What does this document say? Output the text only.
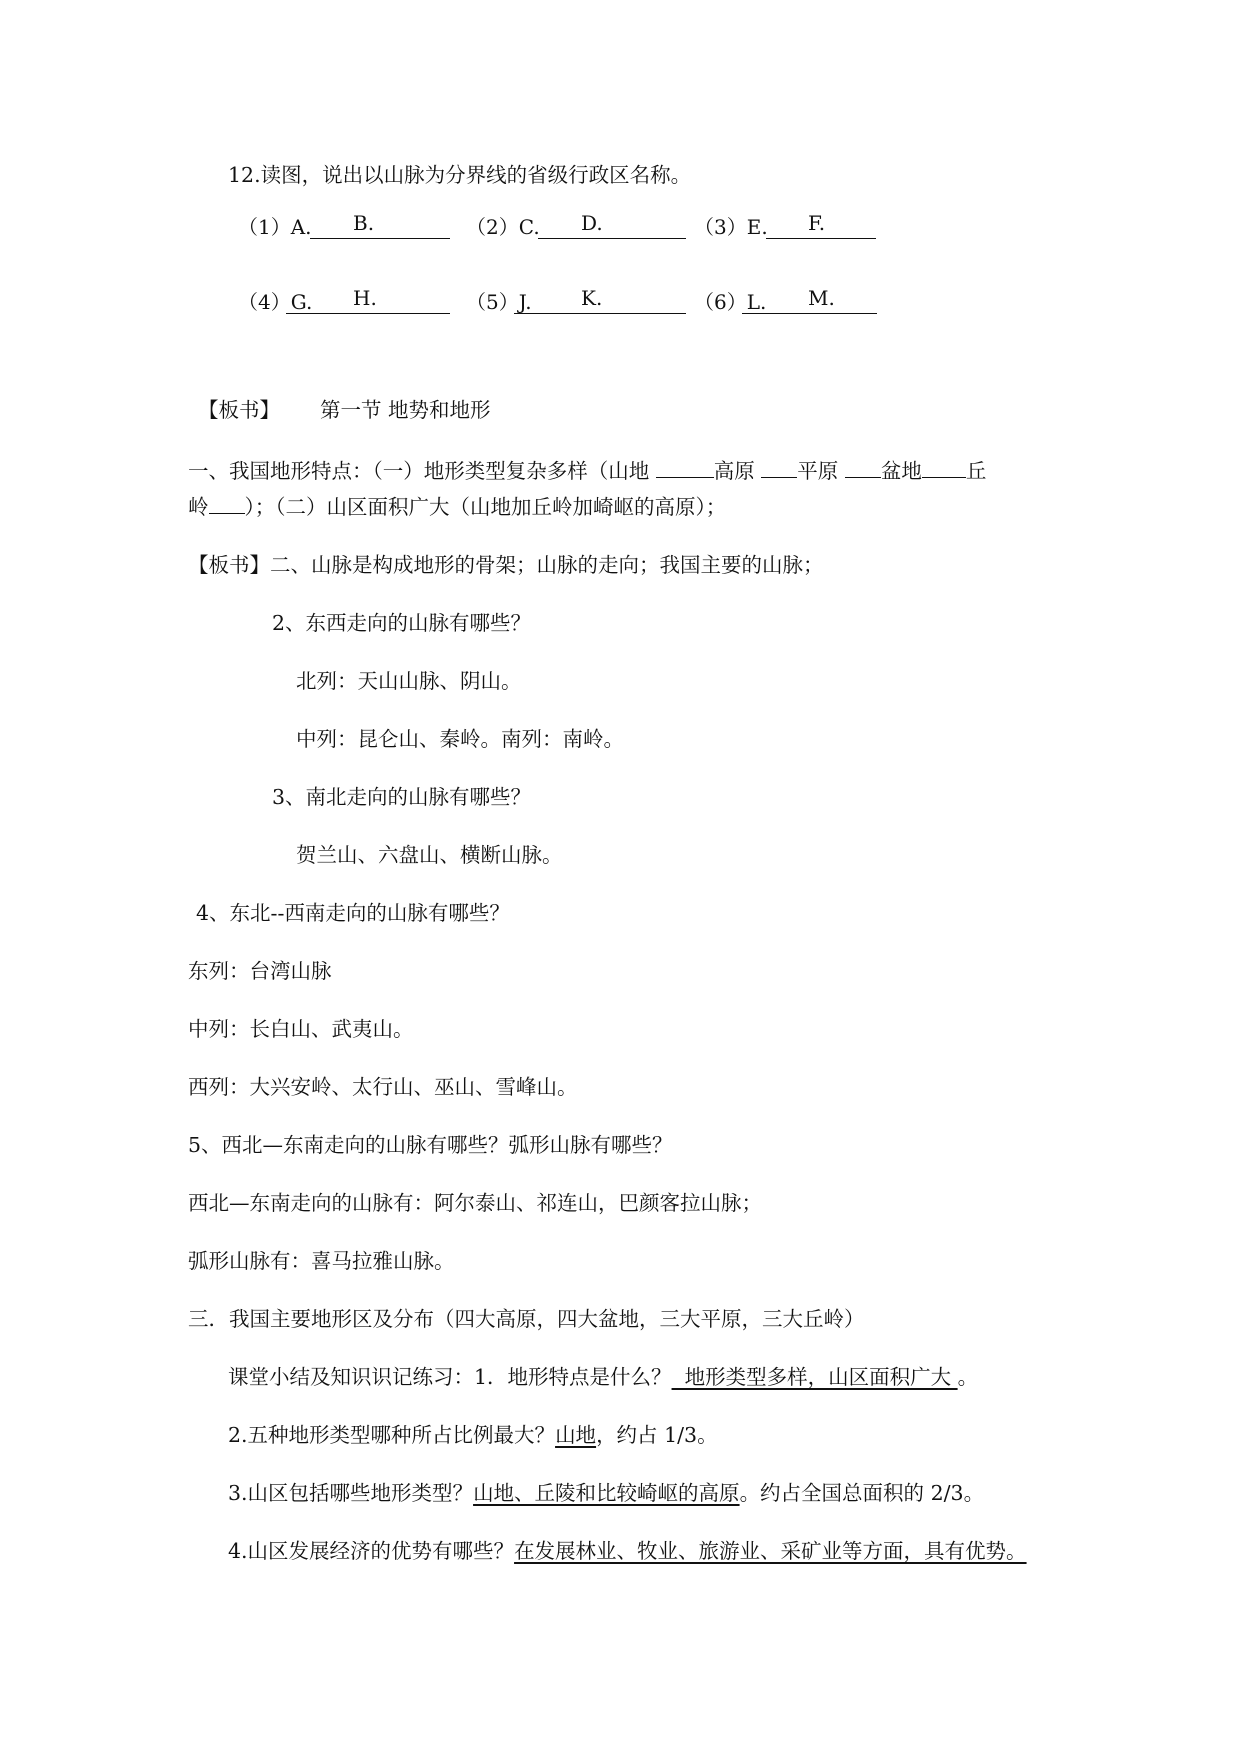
12.读图，说出以山脉为分界线的省级行政区名称。
（1）A. B.	（2）C. D.	（3）E. F.
（4）G. H.	（5）J. K.	（6）L. M.
【板书】 第一节 地势和地形
一、我国地形特点：（一）地形类型复杂多样（山地	高原 平原 盆地 丘
岭 ）；（二）山区面积广大（山地加丘岭加崎岖的高原）；
【板书】二、山脉是构成地形的骨架；山脉的走向；我国主要的山脉；
2、东西走向的山脉有哪些？
北列：天山山脉、阴山。
中列：昆仑山、秦岭。南列：南岭。
3、南北走向的山脉有哪些？
贺兰山、六盘山、横断山脉。
4、东北--西南走向的山脉有哪些？
东列：台湾山脉
中列：长白山、武夷山。
西列：大兴安岭、太行山、巫山、雪峰山。
5、西北—东南走向的山脉有哪些？弧形山脉有哪些？
西北—东南走向的山脉有：阿尔泰山、祁连山，巴颜客拉山脉；
弧形山脉有：喜马拉雅山脉。
三．我国主要地形区及分布（四大高原，四大盆地，三大平原，三大丘岭）
课堂小结及知识识记练习：1．地形特点是什么？  地形类型多样，山区面积广大 。
2.五种地形类型哪种所占比例最大？山地，约占 1/3。
3.山区包括哪些地形类型？山地、丘陵和比较崎岖的高原。约占全国总面积的 2/3。
4.山区发展经济的优势有哪些？在发展林业、牧业、旅游业、采矿业等方面，具有优势。
